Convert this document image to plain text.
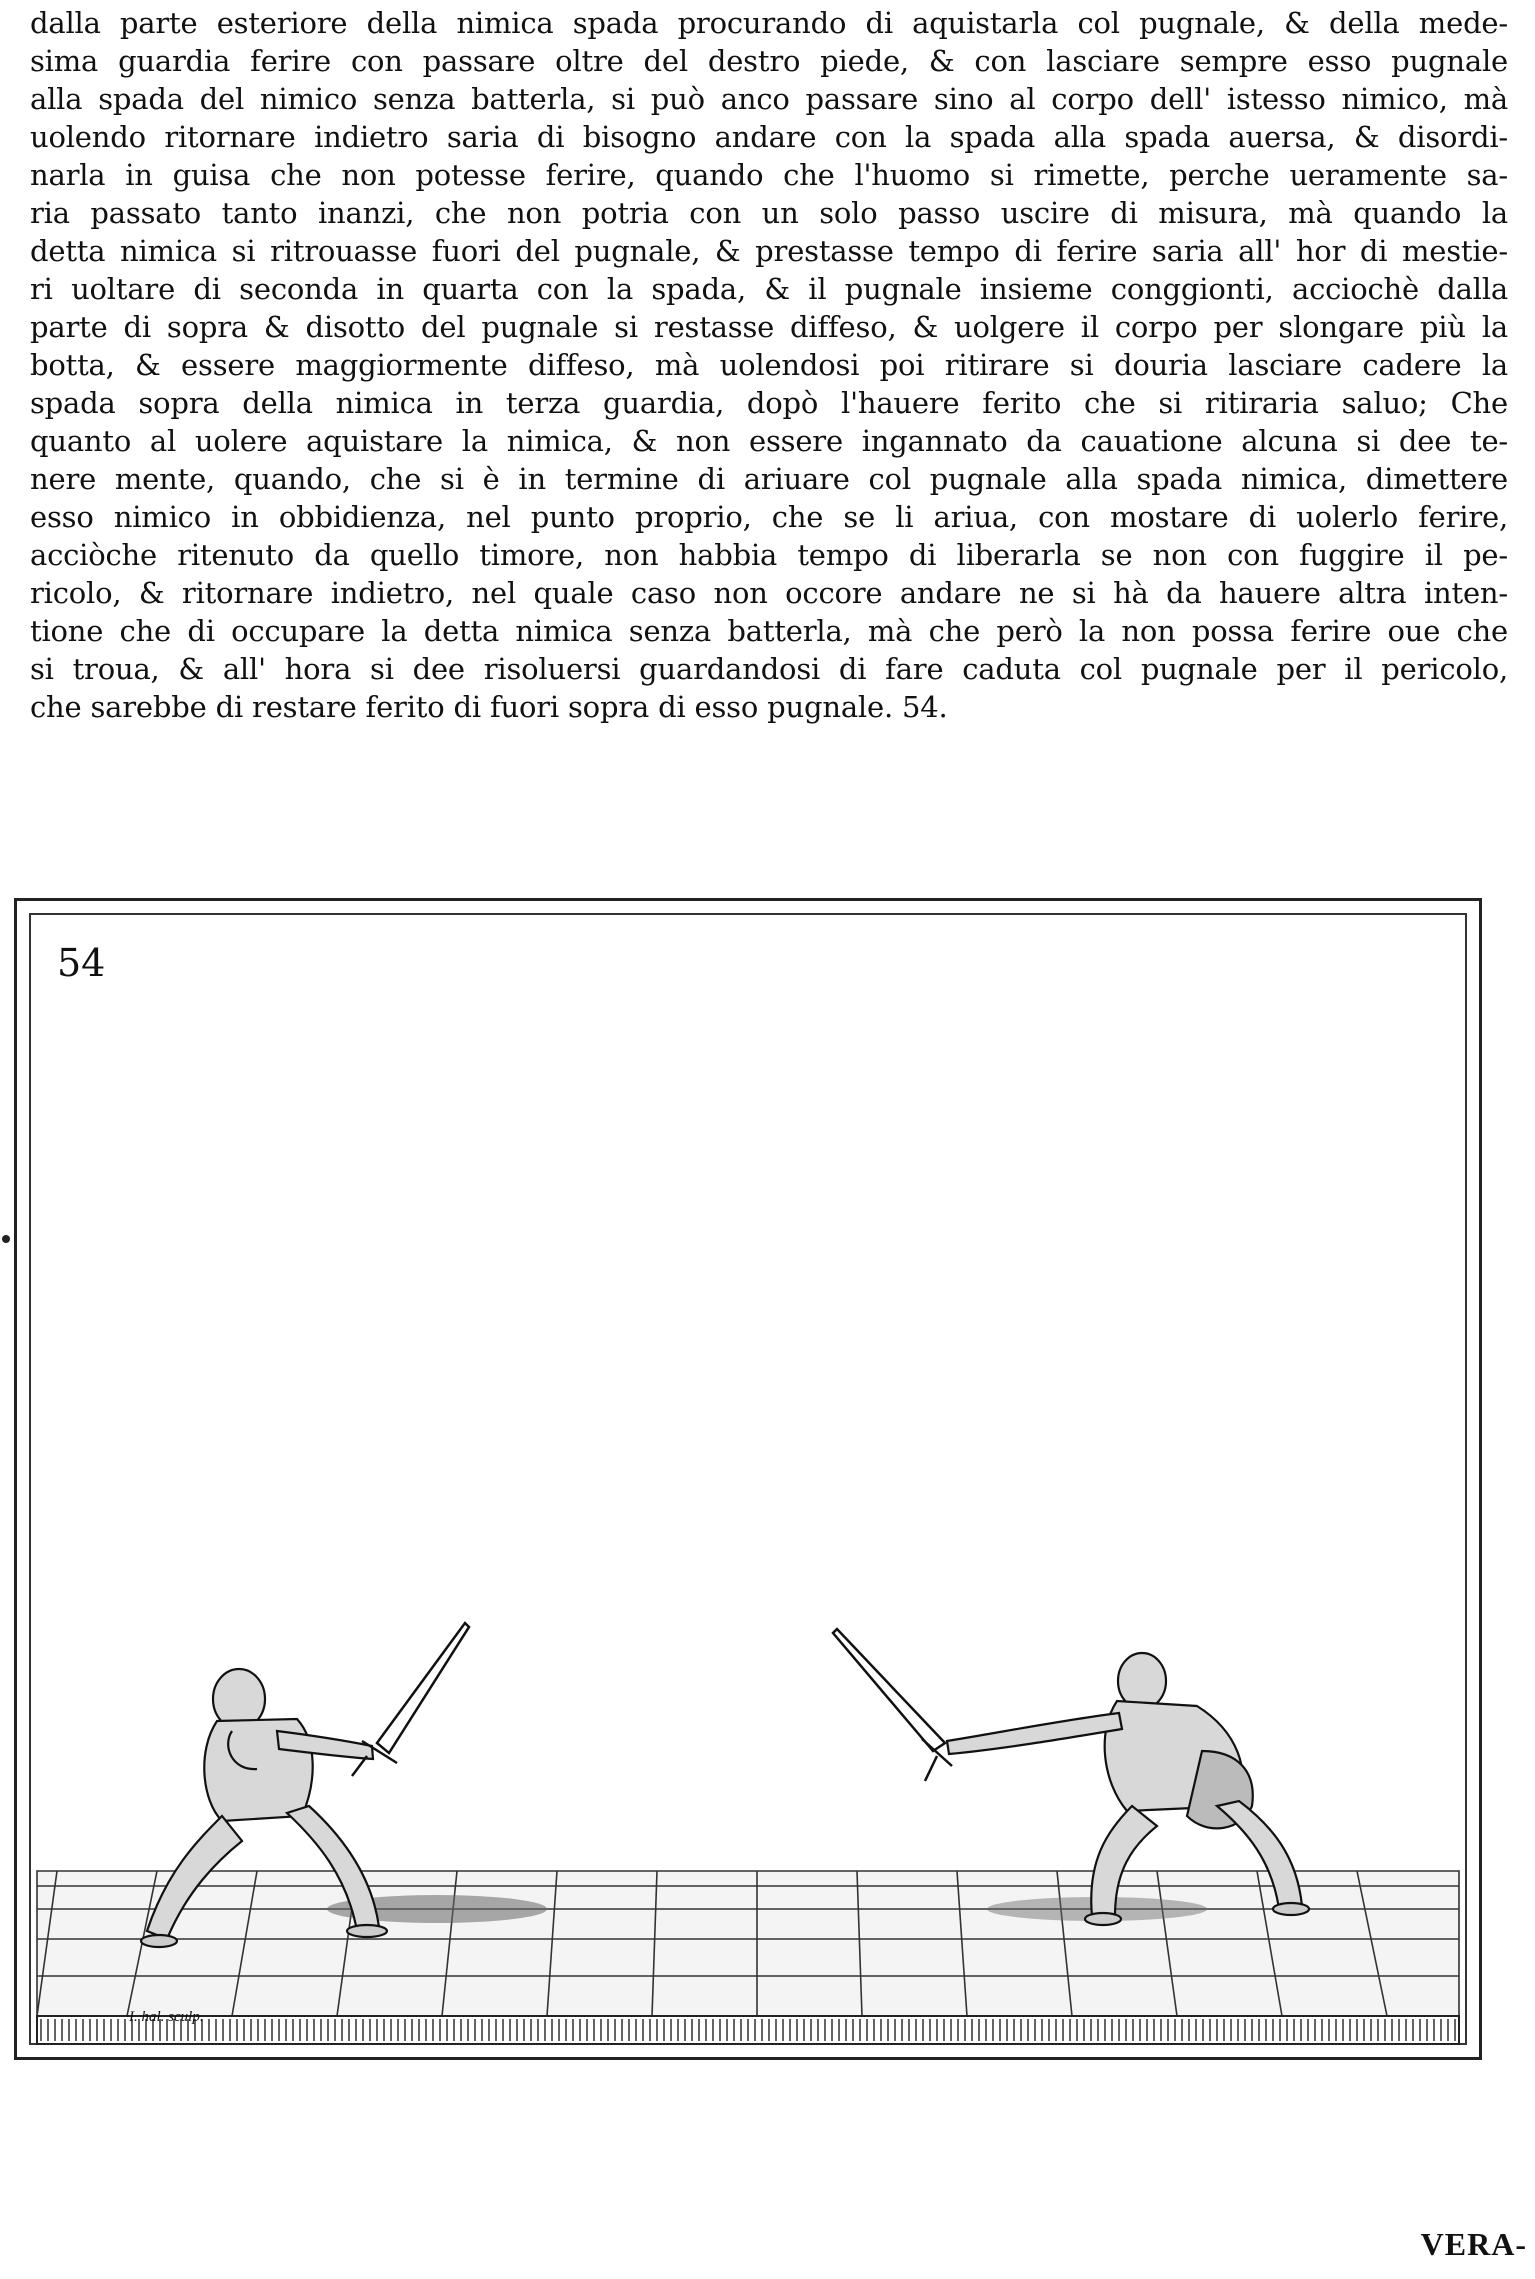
dalla parte esteriore della nimica spada procurando di aquistarla col pugnale, & della mede-
sima guardia ferire con passare oltre del destro piede, & con lasciare sempre esso pugnale
alla spada del nimico senza batterla, si può anco passare sino al corpo dell' istesso nimico, mà
uolendo ritornare indietro saria di bisogno andare con la spada alla spada auersa, & disordi-
narla in guisa che non potesse ferire, quando che l'huomo si rimette, perche ueramente sa-
ria passato tanto inanzi, che non potria con un solo passo uscire di misura, mà quando la
detta nimica si ritrouasse fuori del pugnale, & prestasse tempo di ferire saria all' hor di mestie-
ri uoltare di seconda in quarta con la spada, & il pugnale insieme conggionti, acciochè dalla
parte di sopra & disotto del pugnale si restasse diffeso, & uolgere il corpo per slongare più la
botta, & essere maggiormente diffeso, mà uolendosi poi ritirare si douria lasciare cadere la
spada sopra della nimica in terza guardia, dopò l'hauere ferito che si ritiraria saluo; Che
quanto al uolere aquistare la nimica, & non essere ingannato da cauatione alcuna si dee te-
nere mente, quando, che si è in termine di ariuare col pugnale alla spada nimica, dimettere
esso nimico in obbidienza, nel punto proprio, che se li ariua, con mostare di uolerlo ferire,
acciòche ritenuto da quello timore, non habbia tempo di liberarla se non con fuggire il pe-
ricolo, & ritornare indietro, nel quale caso non occore andare ne si hà da hauere altra inten-
tione che di occupare la detta nimica senza batterla, mà che però la non possa ferire oue che
si troua, & all' hora si dee risoluersi guardandosi di fare caduta col pugnale per il pericolo,
che sarebbe di restare ferito di fuori sopra di esso pugnale. 54.
54
I. hal. sculp.
VERA-
